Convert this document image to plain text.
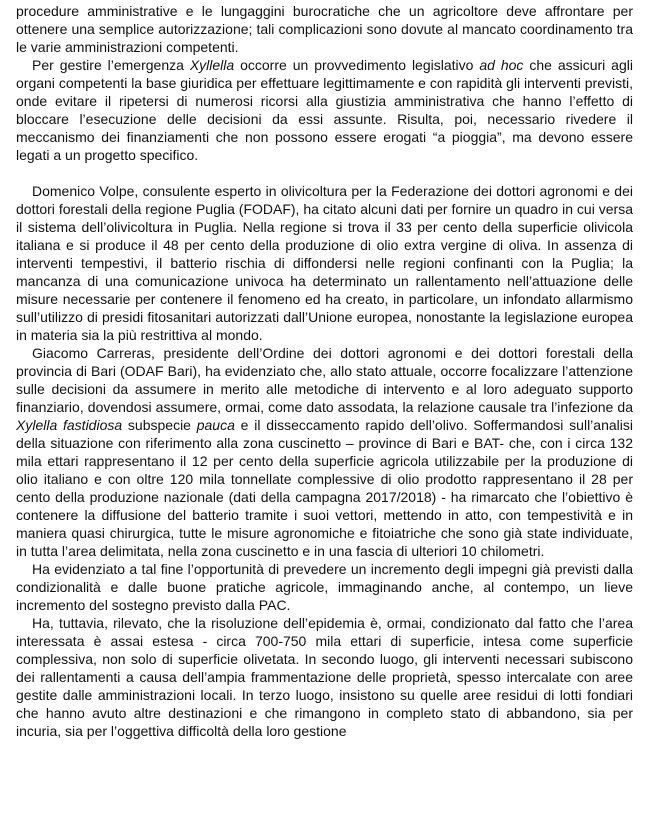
procedure amministrative e le lungaggini burocratiche che un agricoltore deve affrontare per ottenere una semplice autorizzazione; tali complicazioni sono dovute al mancato coordinamento tra le varie amministrazioni competenti.

Per gestire l’emergenza Xyllella occorre un provvedimento legislativo ad hoc che assicuri agli organi competenti la base giuridica per effettuare legittimamente e con rapidità gli interventi previsti, onde evitare il ripetersi di numerosi ricorsi alla giustizia amministrativa che hanno l’effetto di bloccare l’esecuzione delle decisioni da essi assunte. Risulta, poi, necessario rivedere il meccanismo dei finanziamenti che non possono essere erogati “a pioggia”, ma devono essere legati a un progetto specifico.

Domenico Volpe, consulente esperto in olivicoltura per la Federazione dei dottori agronomi e dei dottori forestali della regione Puglia (FODAF), ha citato alcuni dati per fornire un quadro in cui versa il sistema dell’olivicoltura in Puglia. Nella regione si trova il 33 per cento della superficie olivicola italiana e si produce il 48 per cento della produzione di olio extra vergine di oliva. In assenza di interventi tempestivi, il batterio rischia di diffondersi nelle regioni confinanti con la Puglia; la mancanza di una comunicazione univoca ha determinato un rallentamento nell’attuazione delle misure necessarie per contenere il fenomeno ed ha creato, in particolare, un infondato allarmismo sull’utilizzo di presidi fitosanitari autorizzati dall’Unione europea, nonostante la legislazione europea in materia sia la più restrittiva al mondo.

Giacomo Carreras, presidente dell’Ordine dei dottori agronomi e dei dottori forestali della provincia di Bari (ODAF Bari), ha evidenziato che, allo stato attuale, occorre focalizzare l’attenzione sulle decisioni da assumere in merito alle metodiche di intervento e al loro adeguato supporto finanziario, dovendosi assumere, ormai, come dato assodata, la relazione causale tra l’infezione da Xylella fastidiosa subspecie pauca e il disseccamento rapido dell’olivo. Soffermandosi sull’analisi della situazione con riferimento alla zona cuscinetto – province di Bari e BAT- che, con i circa 132 mila ettari rappresentano il 12 per cento della superficie agricola utilizzabile per la produzione di olio italiano e con oltre 120 mila tonnellate complessive di olio prodotto rappresentano il 28 per cento della produzione nazionale (dati della campagna 2017/2018) - ha rimarcato che l’obiettivo è contenere la diffusione del batterio tramite i suoi vettori, mettendo in atto, con tempestività e in maniera quasi chirurgica, tutte le misure agronomiche e fitoiatriche che sono già state individuate, in tutta l’area delimitata, nella zona cuscinetto e in una fascia di ulteriori 10 chilometri.

Ha evidenziato a tal fine l’opportunità di prevedere un incremento degli impegni già previsti dalla condizionalità e dalle buone pratiche agricole, immaginando anche, al contempo, un lieve incremento del sostegno previsto dalla PAC.

Ha, tuttavia, rilevato, che la risoluzione dell’epidemia è, ormai, condizionato dal fatto che l’area interessata è assai estesa - circa 700-750 mila ettari di superficie, intesa come superficie complessiva, non solo di superficie olivetata. In secondo luogo, gli interventi necessari subiscono dei rallentamenti a causa dell’ampia frammentazione delle proprietà, spesso intercalate con aree gestite dalle amministrazioni locali. In terzo luogo, insistono su quelle aree residui di lotti fondiari che hanno avuto altre destinazioni e che rimangono in completo stato di abbandono, sia per incuria, sia per l’oggettiva difficoltà della loro gestione
